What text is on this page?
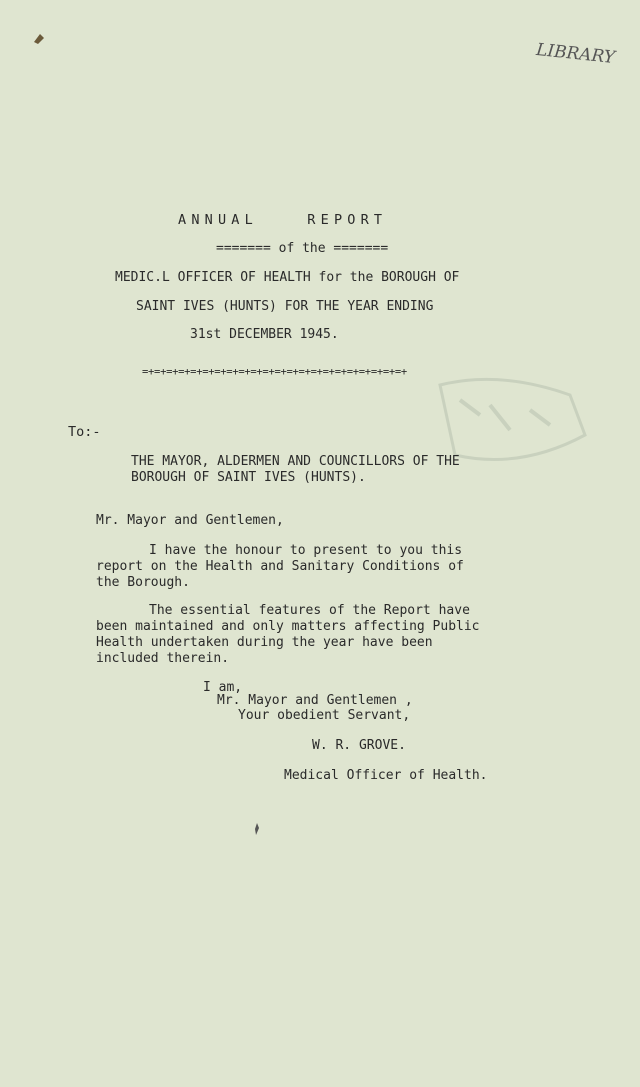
LIBRARY
ANNUAL REPORT
======= of the =======
MEDIC.L OFFICER OF HEALTH for the BOROUGH OF
SAINT IVES (HUNTS) FOR THE YEAR ENDING
31st DECEMBER 1945.
=+=+=+=+=+=+=+=+=+=+=+=+=+=+=+=+=+=+=+=+=+=+
To:-
THE MAYOR, ALDERMEN AND COUNCILLORS OF THE
BOROUGH OF SAINT IVES (HUNTS).
Mr. Mayor and Gentlemen,
I have the honour to present to you this
report on the Health and Sanitary Conditions of
the Borough.
The essential features of the Report have
been maintained and only matters affecting Public
Health undertaken during the year have been
included therein.
I am,
Mr. Mayor and Gentlemen ,
Your obedient Servant,
W. R. GROVE.
Medical Officer of Health.
